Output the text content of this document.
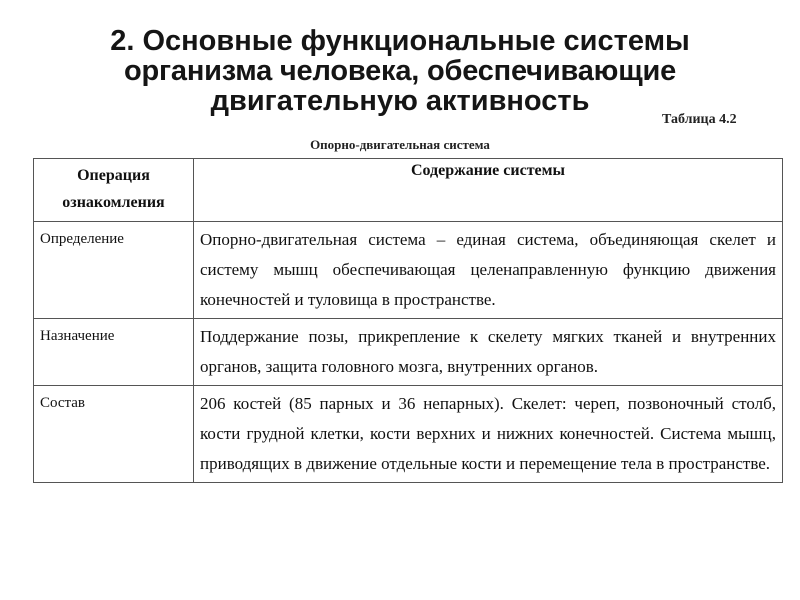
2. Основные функциональные системы
организма человека, обеспечивающие
двигательную активность
Таблица 4.2
Опорно-двигательная система
Операция ознакомления	Содержание системы
Определение	Опорно-двигательная система – единая система, объединяющая скелет и систему мышц обеспечивающая целенаправленную функцию движения конечностей и туловища в пространстве.
Назначение	Поддержание позы, прикрепление к скелету мягких тканей и внутренних органов, защита головного мозга, внутренних органов.
Состав	206 костей (85 парных и 36 непарных). Скелет: череп, позвоночный столб, кости грудной клетки, кости верхних и нижних конечностей. Система мышц, приводящих в движение отдельные кости и перемещение тела в пространстве.
